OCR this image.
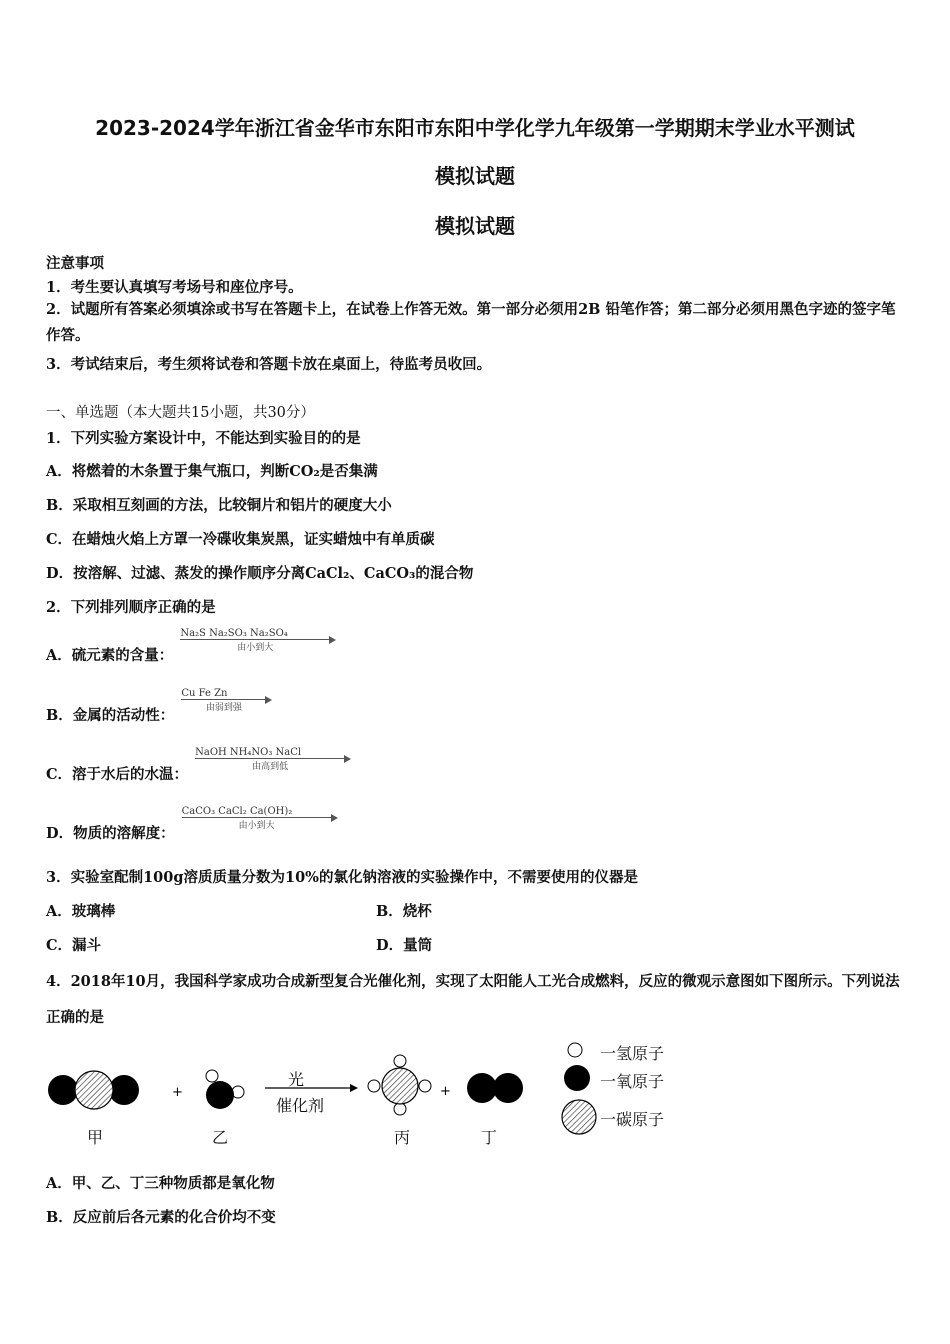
2023-2024学年浙江省金华市东阳市东阳中学化学九年级第一学期期末学业水平测试
模拟试题
模拟试题
注意事项
1．考生要认真填写考场号和座位序号。
2．试题所有答案必须填涂或书写在答题卡上，在试卷上作答无效。第一部分必须用2B 铅笔作答；第二部分必须用黑色字迹的签字笔作答。
3．考试结束后，考生须将试卷和答题卡放在桌面上，待监考员收回。
一、单选题（本大题共15小题，共30分）
1．下列实验方案设计中，不能达到实验目的的是
A．将燃着的木条置于集气瓶口，判断CO₂是否集满
B．采取相互刻画的方法，比较铜片和铝片的硬度大小
C．在蜡烛火焰上方罩一冷碟收集炭黑，证实蜡烛中有单质碳
D．按溶解、过滤、蒸发的操作顺序分离CaCl₂、CaCO₃的混合物
2．下列排列顺序正确的是
A．硫元素的含量：
Na₂S Na₂SO₃ Na₂SO₄
由小到大
B．金属的活动性：
Cu Fe Zn
由弱到强
C．溶于水后的水温：
NaOH NH₄NO₃ NaCl
由高到低
D．物质的溶解度：
CaCO₃ CaCl₂ Ca(OH)₂
由小到大
3．实验室配制100g溶质质量分数为10%的氯化钠溶液的实验操作中，不需要使用的仪器是
A．玻璃棒	B．烧杯
C．漏斗	D．量筒
4．2018年10月，我国科学家成功合成新型复合光催化剂，实现了太阳能人工光合成燃料，反应的微观示意图如下图所示。下列说法正确的是
+	+
光
催化剂
甲	乙	丙	丁
一氢原子
一氧原子
一碳原子
A．甲、乙、丁三种物质都是氧化物
B．反应前后各元素的化合价均不变
